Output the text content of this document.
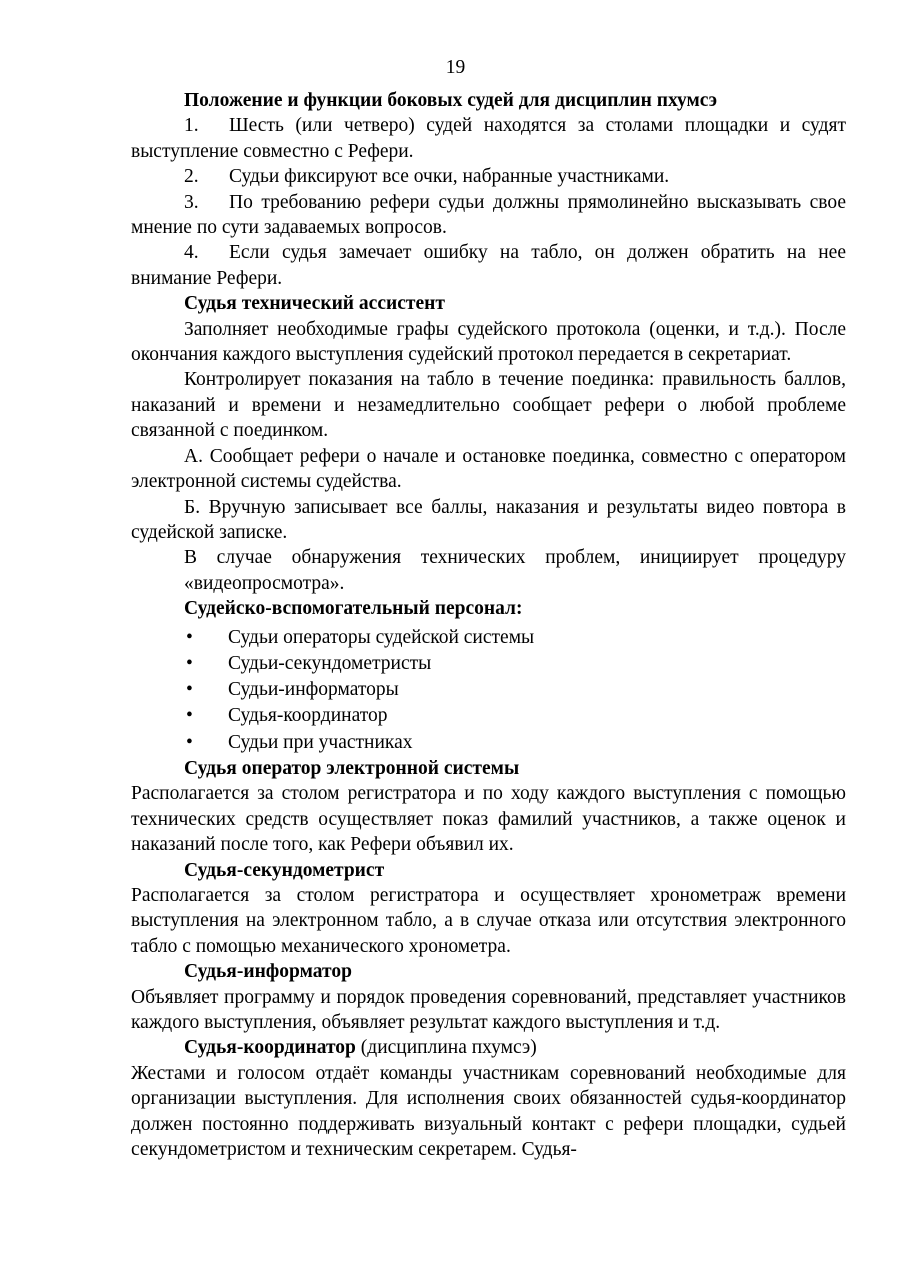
19

Положение и функции боковых судей для дисциплин пхумсэ

1. Шесть (или четверо) судей находятся за столами площадки и судят выступление совместно с Рефери.

2. Судьи фиксируют все очки, набранные участниками.

3. По требованию рефери судьи должны прямолинейно высказывать свое мнение по сути задаваемых вопросов.

4. Если судья замечает ошибку на табло, он должен обратить на нее внимание Рефери.

Судья технический ассистент

Заполняет необходимые графы судейского протокола (оценки, и т.д.). После окончания каждого выступления судейский протокол передается в секретариат.

Контролирует показания на табло в течение поединка: правильность баллов, наказаний и времени и незамедлительно сообщает рефери о любой проблеме связанной с поединком.

А. Сообщает рефери о начале и остановке поединка, совместно с оператором электронной системы судейства.

Б. Вручную записывает все баллы, наказания и результаты видео повтора в судейской записке.

В случае обнаружения технических проблем, инициирует процедуру «видеопросмотра».

Судейско-вспомогательный персонал:

• Судьи операторы судейской системы
• Судьи-секундометристы
• Судьи-информаторы
• Судья-координатор
• Судьи при участниках

Судья оператор электронной системы

Располагается за столом регистратора и по ходу каждого выступления с помощью технических средств осуществляет показ фамилий участников, а также оценок и наказаний после того, как Рефери объявил их.

Судья-секундометрист

Располагается за столом регистратора и осуществляет хронометраж времени выступления на электронном табло, а в случае отказа или отсутствия электронного табло с помощью механического хронометра.

Судья-информатор

Объявляет программу и порядок проведения соревнований, представляет участников каждого выступления, объявляет результат каждого выступления и т.д.

Судья-координатор (дисциплина пхумсэ)

Жестами и голосом отдаёт команды участникам соревнований необходимые для организации выступления. Для исполнения своих обязанностей судья-координатор должен постоянно поддерживать визуальный контакт с рефери площадки, судьей секундометристом и техническим секретарем. Судья-
